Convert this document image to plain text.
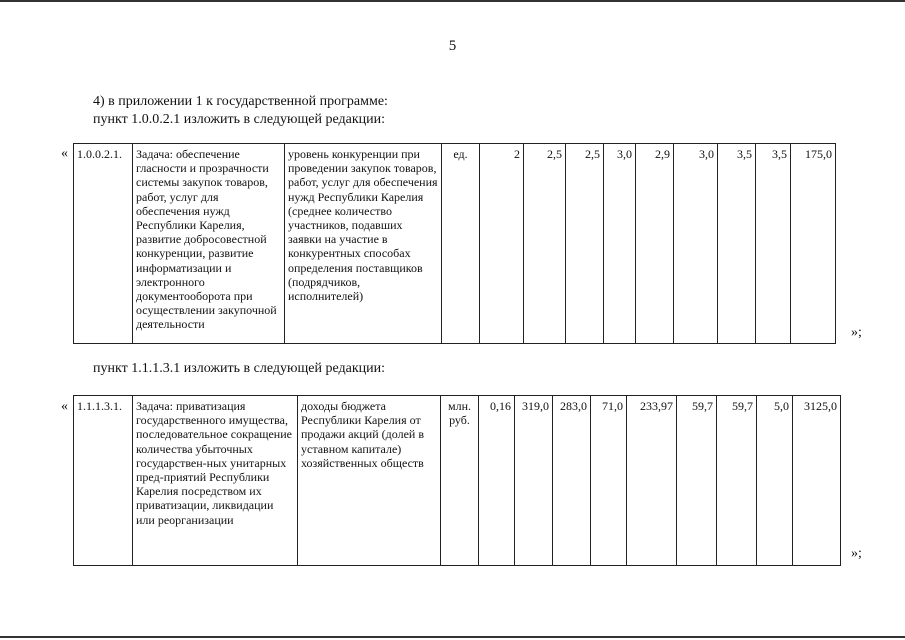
5
4) в приложении 1 к государственной программе:
пункт 1.0.0.2.1 изложить в следующей редакции:
« 1.0.0.2.1.	Задача: обеспечение гласности и прозрачности системы закупок товаров, работ, услуг для обеспечения нужд Республики Карелия, развитие добросовестной конкуренции, развитие информатизации и электронного документооборота при осуществлении закупочной деятельности	уровень конкуренции при проведении закупок товаров, работ, услуг для обеспечения нужд Республики Карелия (среднее количество участников, подавших заявки на участие в конкурентных способах определения поставщиков (подрядчиков, исполнителей)	ед.	2	2,5	2,5	3,0	2,9	3,0	3,5	3,5	175,0
»;
пункт 1.1.1.3.1 изложить в следующей редакции:
« 1.1.1.3.1.	Задача: приватизация государственного имущества, последовательное сокращение количества убыточных государствен-ных унитарных пред-приятий Республики Карелия посредством их приватизации, ликвидации или реорганизации	доходы бюджета Республики Карелия от продажи акций (долей в уставном капитале) хозяйственных обществ	млн. руб.	0,16	319,0	283,0	71,0	233,97	59,7	59,7	5,0	3125,0
»;
